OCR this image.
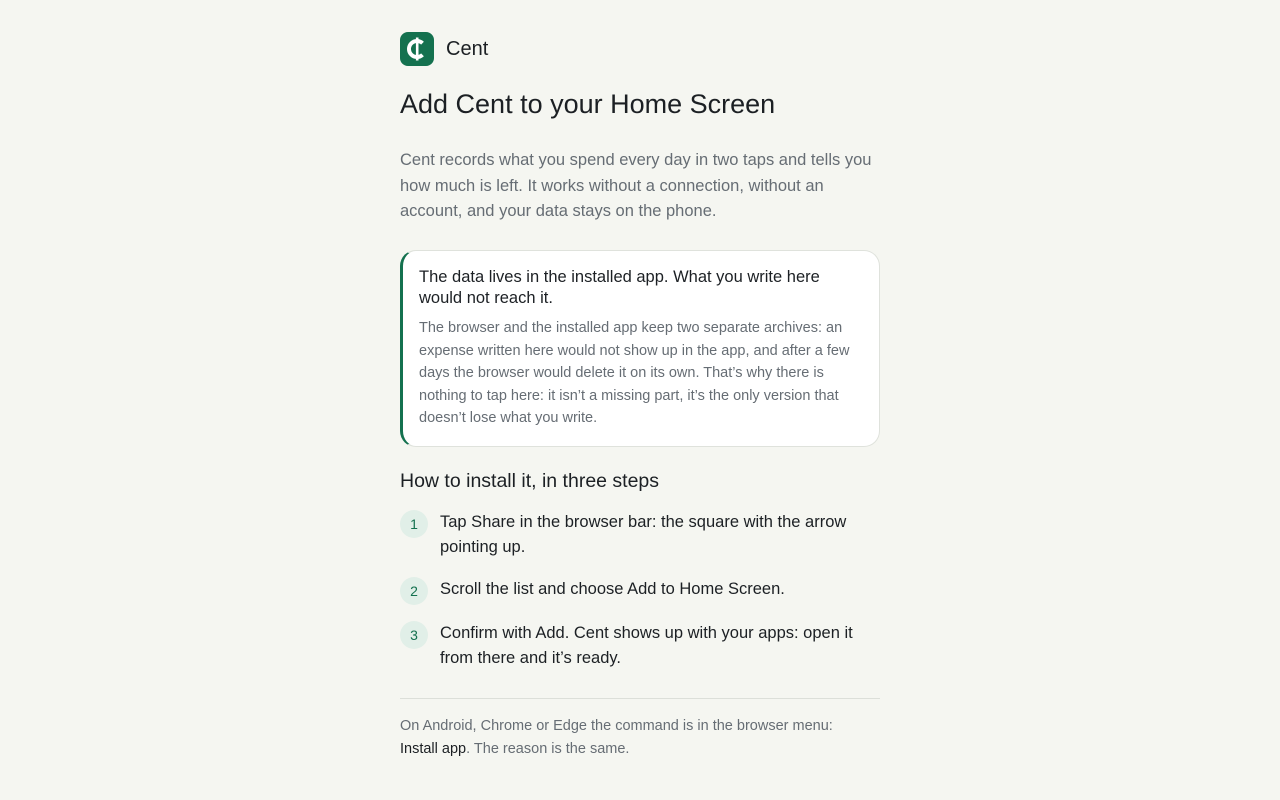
Cent
Add Cent to your Home Screen

Cent records what you spend every day in two taps and tells you how much is left. It works without a connection, without an account, and your data stays on the phone.

The data lives in the installed app. What you write here would not reach it.

The browser and the installed app keep two separate archives: an expense written here would not show up in the app, and after a few days the browser would delete it on its own. That’s why there is nothing to tap here: it isn’t a missing part, it’s the only version that doesn’t lose what you write.

How to install it, in three steps
1	Tap Share in the browser bar: the square with the arrow pointing up.
2	Scroll the list and choose Add to Home Screen.
3	Confirm with Add. Cent shows up with your apps: open it from there and it’s ready.

On Android, Chrome or Edge the command is in the browser menu:
Install app. The reason is the same.
